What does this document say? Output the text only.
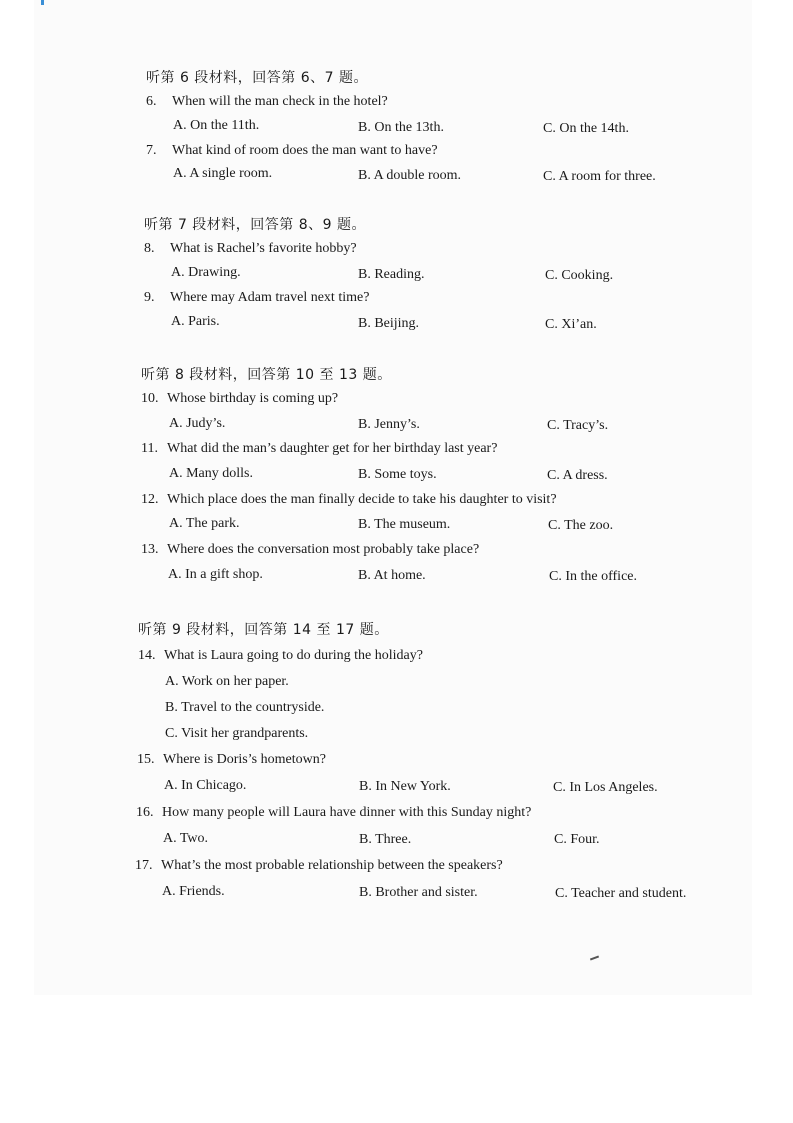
听第 6 段材料，回答第 6、7 题。
6. When will the man check in the hotel?
A. On the 11th.	B. On the 13th.	C. On the 14th.
7. What kind of room does the man want to have?
A. A single room.	B. A double room.	C. A room for three.
听第 7 段材料，回答第 8、9 题。
8. What is Rachel’s favorite hobby?
A. Drawing.	B. Reading.	C. Cooking.
9. Where may Adam travel next time?
A. Paris.	B. Beijing.	C. Xi’an.
听第 8 段材料，回答第 10 至 13 题。
10. Whose birthday is coming up?
A. Judy’s.	B. Jenny’s.	C. Tracy’s.
11. What did the man’s daughter get for her birthday last year?
A. Many dolls.	B. Some toys.	C. A dress.
12. Which place does the man finally decide to take his daughter to visit?
A. The park.	B. The museum.	C. The zoo.
13. Where does the conversation most probably take place?
A. In a gift shop.	B. At home.	C. In the office.
听第 9 段材料，回答第 14 至 17 题。
14. What is Laura going to do during the holiday?
A. Work on her paper.
B. Travel to the countryside.
C. Visit her grandparents.
15. Where is Doris’s hometown?
A. In Chicago.	B. In New York.	C. In Los Angeles.
16. How many people will Laura have dinner with this Sunday night?
A. Two.	B. Three.	C. Four.
17. What’s the most probable relationship between the speakers?
A. Friends.	B. Brother and sister.	C. Teacher and student.
